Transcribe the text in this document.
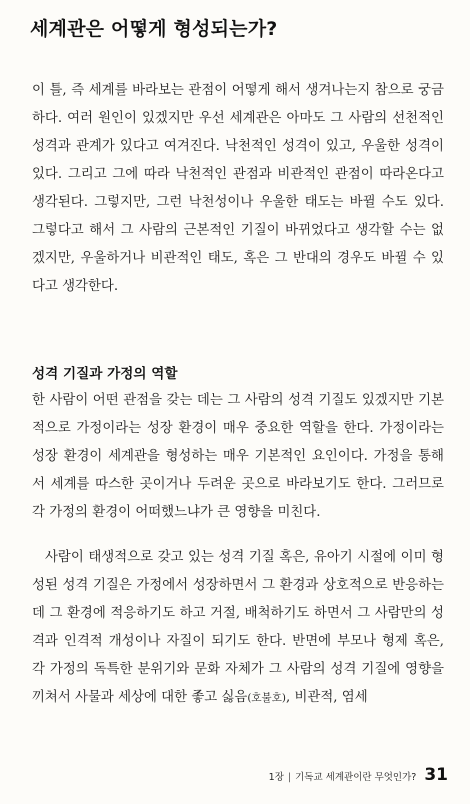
세계관은 어떻게 형성되는가?

이 틀, 즉 세계를 바라보는 관점이 어떻게 해서 생겨나는지 참으로 궁금하다. 여러 원인이 있겠지만 우선 세계관은 아마도 그 사람의 선천적인 성격과 관계가 있다고 여겨진다. 낙천적인 성격이 있고, 우울한 성격이 있다. 그리고 그에 따라 낙천적인 관점과 비관적인 관점이 따라온다고 생각된다. 그렇지만, 그런 낙천성이나 우울한 태도는 바뀔 수도 있다. 그렇다고 해서 그 사람의 근본적인 기질이 바뀌었다고 생각할 수는 없겠지만, 우울하거나 비관적인 태도, 혹은 그 반대의 경우도 바뀔 수 있다고 생각한다.

성격 기질과 가정의 역할

한 사람이 어떤 관점을 갖는 데는 그 사람의 성격 기질도 있겠지만 기본적으로 가정이라는 성장 환경이 매우 중요한 역할을 한다. 가정이라는 성장 환경이 세계관을 형성하는 매우 기본적인 요인이다. 가정을 통해서 세계를 따스한 곳이거나 두려운 곳으로 바라보기도 한다. 그러므로 각 가정의 환경이 어떠했느냐가 큰 영향을 미친다.

사람이 태생적으로 갖고 있는 성격 기질 혹은, 유아기 시절에 이미 형성된 성격 기질은 가정에서 성장하면서 그 환경과 상호적으로 반응하는데 그 환경에 적응하기도 하고 거절, 배척하기도 하면서 그 사람만의 성격과 인격적 개성이나 자질이 되기도 한다. 반면에 부모나 형제 혹은, 각 가정의 독특한 분위기와 문화 자체가 그 사람의 성격 기질에 영향을 끼쳐서 사물과 세상에 대한 좋고 싫음(호불호), 비관적, 염세

1장 | 기독교 세계관이란 무엇인가? 31
